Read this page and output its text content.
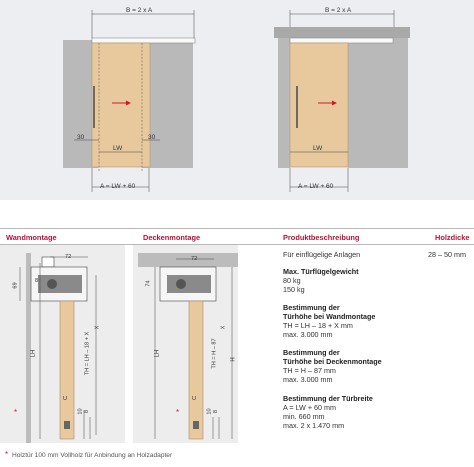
B = 2 x A
LW
A = LW + 60
30	30
B = 2 x A
LW
A = LW + 60
Wandmontage	Deckenmontage	Produktbeschreibung	Holzdicke
*	*
72
69
8
LH	TH = LH – 18 + X
X
U
10 8
72
74
LH	TH = H – 87	H
X
U
10 8
Für einflügelige Anlagen	28 – 50 mm
Max. Türflügelgewicht
80 kg
150 kg
Bestimmung der
Türhöhe bei Wandmontage
TH = LH – 18 + X mm
max. 3.000 mm
Bestimmung der
Türhöhe bei Deckenmontage
TH = H – 87 mm
max. 3.000 mm
Bestimmung der Türbreite
A = LW + 60 mm
min. 660 mm
max. 2 x 1.470 mm
* Holztür 100 mm Vollholz für Anbindung an Holzadapter
